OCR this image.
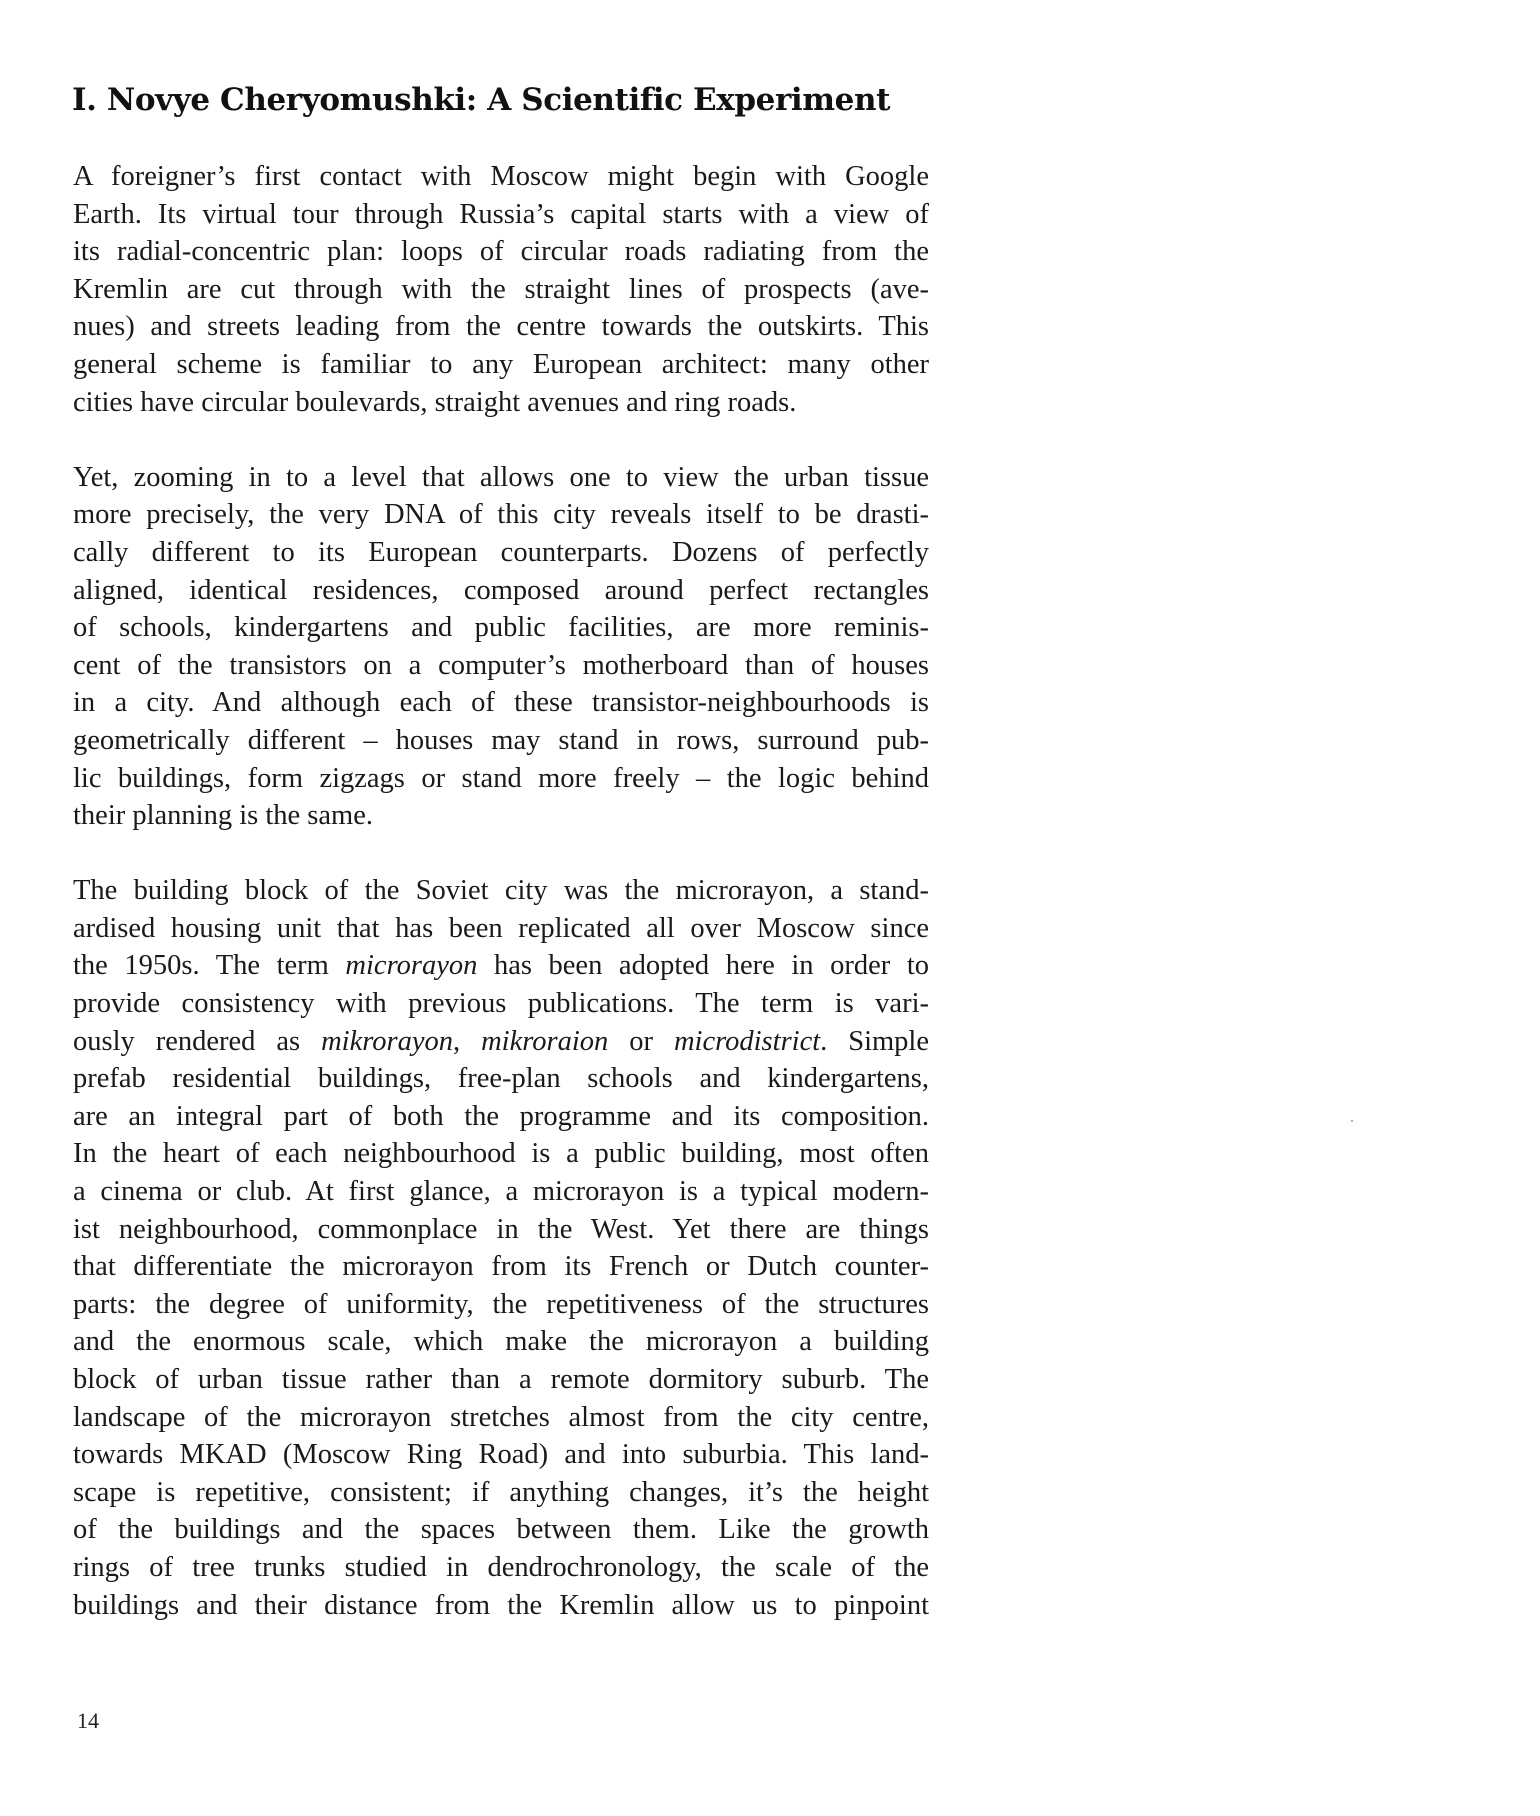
I. Novye Cheryomushki: A Scientific Experiment

A foreigner’s first contact with Moscow might begin with Google
Earth. Its virtual tour through Russia’s capital starts with a view of
its radial-concentric plan: loops of circular roads radiating from the
Kremlin are cut through with the straight lines of prospects (ave-
nues) and streets leading from the centre towards the outskirts. This
general scheme is familiar to any European architect: many other
cities have circular boulevards, straight avenues and ring roads.

Yet, zooming in to a level that allows one to view the urban tissue
more precisely, the very DNA of this city reveals itself to be drasti-
cally different to its European counterparts. Dozens of perfectly
aligned, identical residences, composed around perfect rectangles
of schools, kindergartens and public facilities, are more reminis-
cent of the transistors on a computer’s motherboard than of houses
in a city. And although each of these transistor-neighbourhoods is
geometrically different – houses may stand in rows, surround pub-
lic buildings, form zigzags or stand more freely – the logic behind
their planning is the same.

The building block of the Soviet city was the microrayon, a stand-
ardised housing unit that has been replicated all over Moscow since
the 1950s. The term microrayon has been adopted here in order to
provide consistency with previous publications. The term is vari-
ously rendered as mikrorayon, mikroraion or microdistrict. Simple
prefab residential buildings, free-plan schools and kindergartens,
are an integral part of both the programme and its composition.
In the heart of each neighbourhood is a public building, most often
a cinema or club. At first glance, a microrayon is a typical modern-
ist neighbourhood, commonplace in the West. Yet there are things
that differentiate the microrayon from its French or Dutch counter-
parts: the degree of uniformity, the repetitiveness of the structures
and the enormous scale, which make the microrayon a building
block of urban tissue rather than a remote dormitory suburb. The
landscape of the microrayon stretches almost from the city centre,
towards MKAD (Moscow Ring Road) and into suburbia. This land-
scape is repetitive, consistent; if anything changes, it’s the height
of the buildings and the spaces between them. Like the growth
rings of tree trunks studied in dendrochronology, the scale of the
buildings and their distance from the Kremlin allow us to pinpoint

14
